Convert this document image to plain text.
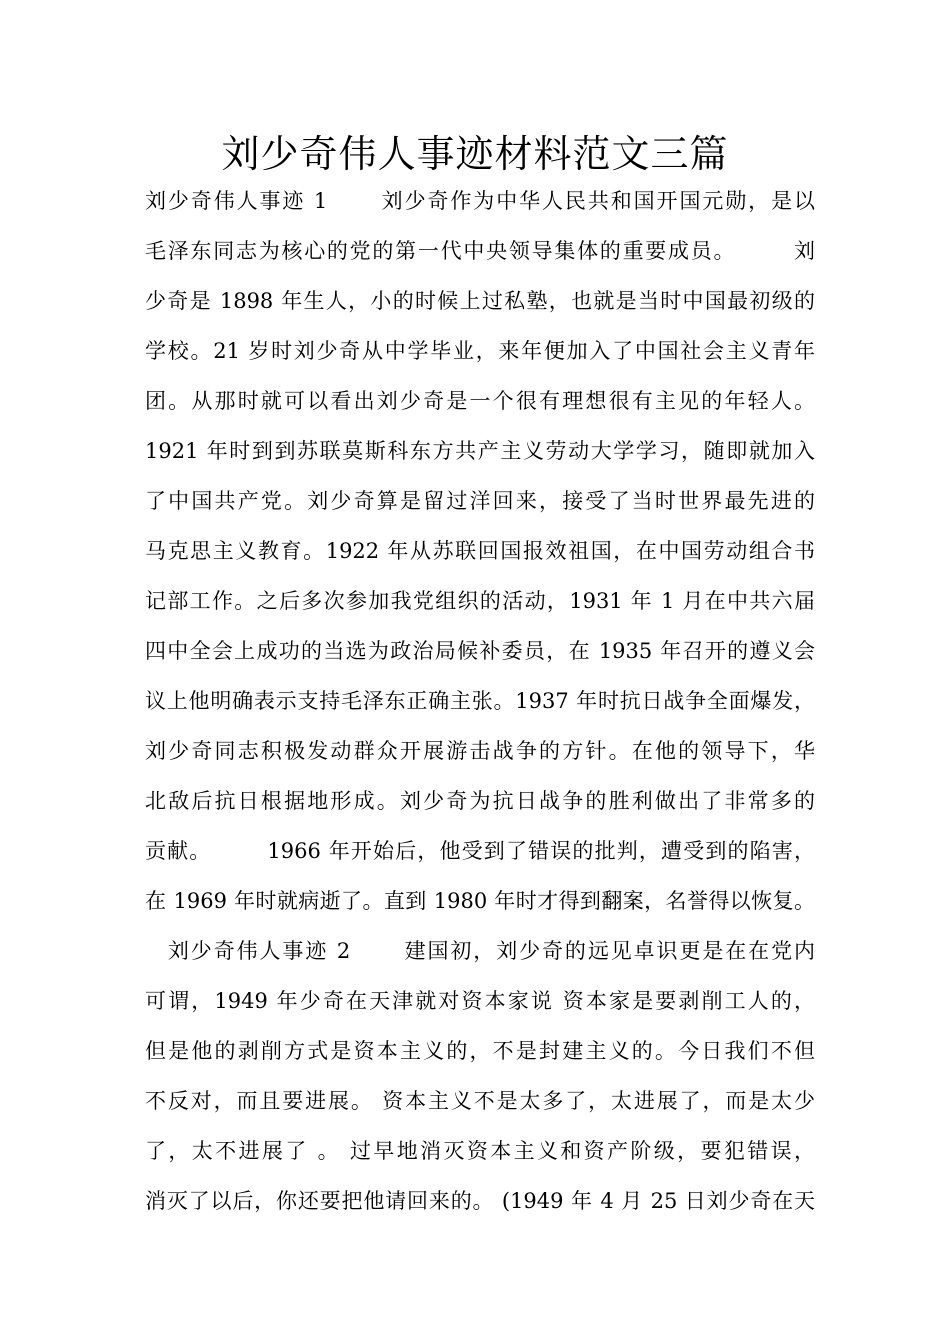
刘少奇伟人事迹材料范文三篇
刘少奇伟人事迹 1 　　刘少奇作为中华人民共和国开国元勋，是以
毛泽东同志为核心的党的第一代中央领导集体的重要成员。　　　刘
少奇是 1898 年生人，小的时候上过私塾，也就是当时中国最初级的
学校。21 岁时刘少奇从中学毕业，来年便加入了中国社会主义青年
团。从那时就可以看出刘少奇是一个很有理想很有主见的年轻人。
1921 年时到到苏联莫斯科东方共产主义劳动大学学习，随即就加入
了中国共产党。刘少奇算是留过洋回来，接受了当时世界最先进的
马克思主义教育。1922 年从苏联回国报效祖国，在中国劳动组合书
记部工作。之后多次参加我党组织的活动，1931 年 1 月在中共六届
四中全会上成功的当选为政治局候补委员，在 1935 年召开的遵义会
议上他明确表示支持毛泽东正确主张。1937 年时抗日战争全面爆发，
刘少奇同志积极发动群众开展游击战争的方针。在他的领导下，华
北敌后抗日根据地形成。刘少奇为抗日战争的胜利做出了非常多的
贡献。　　　1966 年开始后，他受到了错误的批判，遭受到的陷害，
在 1969 年时就病逝了。直到 1980 年时才得到翻案，名誉得以恢复。
　刘少奇伟人事迹 2 　　建国初，刘少奇的远见卓识更是在在党内
可谓，1949 年少奇在天津就对资本家说 资本家是要剥削工人的，
但是他的剥削方式是资本主义的，不是封建主义的。今日我们不但
不反对，而且要进展。 资本主义不是太多了，太进展了，而是太少
了，太不进展了 。 过早地消灭资本主义和资产阶级，要犯错误，
消灭了以后，你还要把他请回来的。 (1949 年 4 月 25 日刘少奇在天
